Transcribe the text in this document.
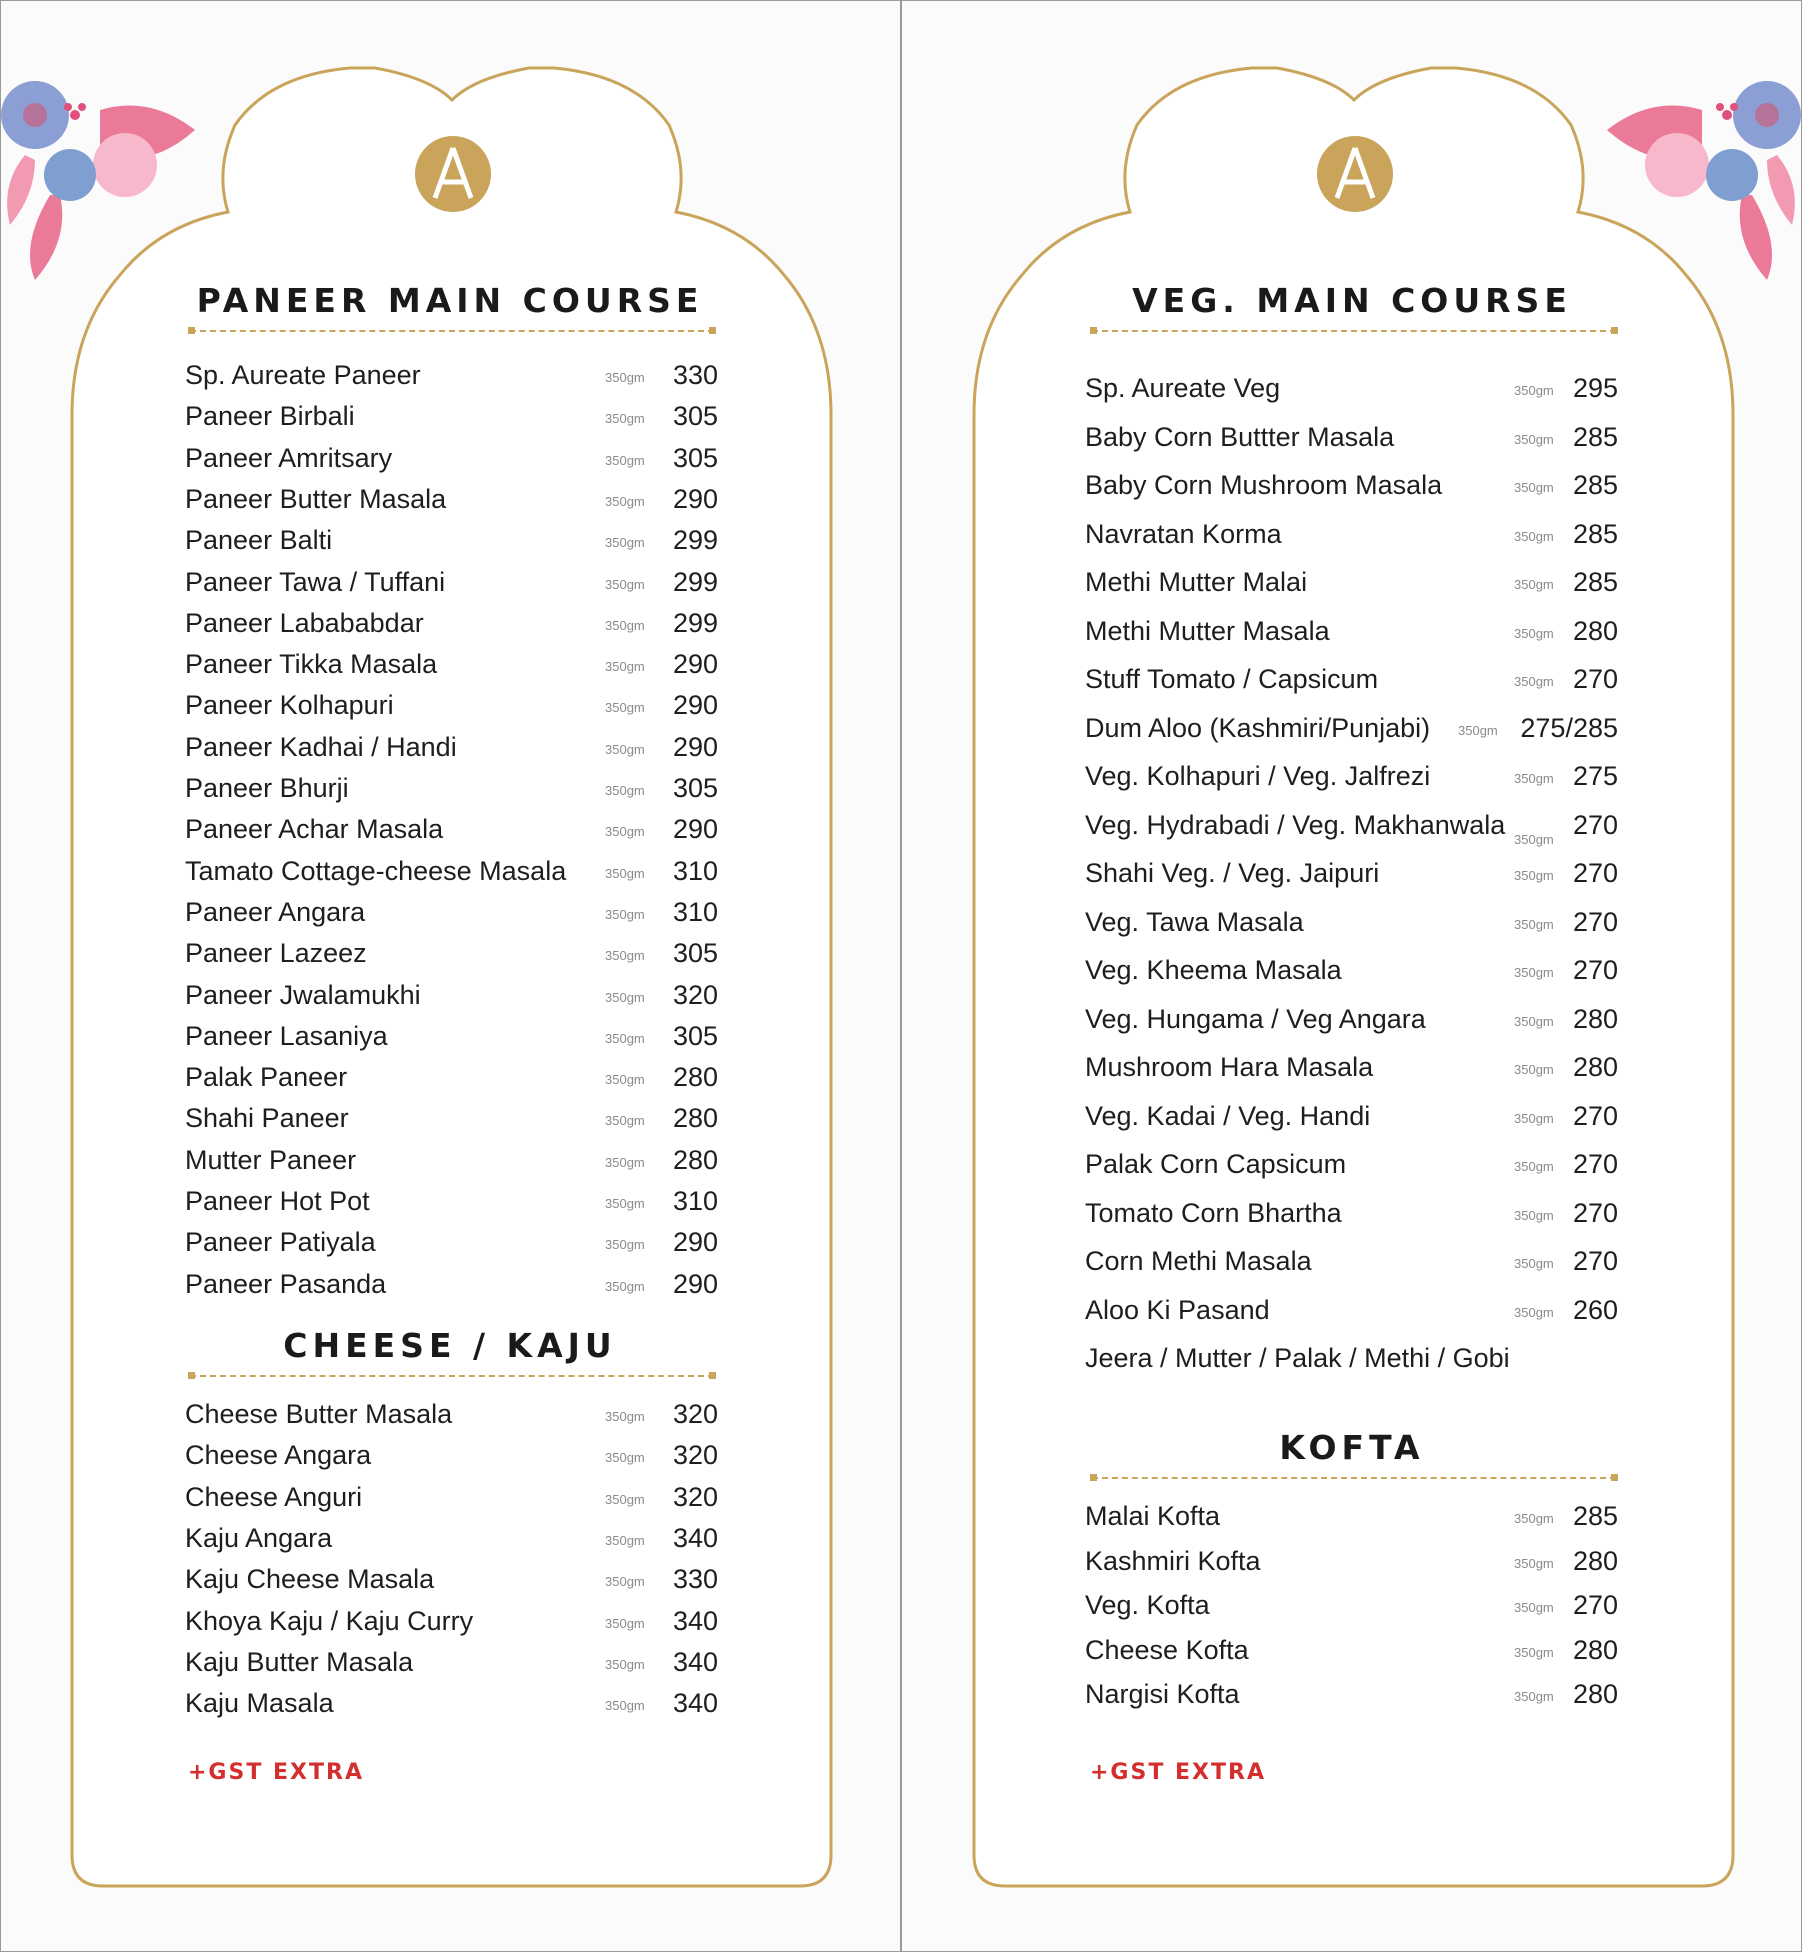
PANEER MAIN COURSE
Sp. Aureate Paneer	350gm 330
Paneer Birbali	350gm 305
Paneer Amritsary	350gm 305
Paneer Butter Masala	350gm 290
Paneer Balti	350gm 299
Paneer Tawa / Tuffani	350gm 299
Paneer Labababdar	350gm 299
Paneer Tikka Masala	350gm 290
Paneer Kolhapuri	350gm 290
Paneer Kadhai / Handi	350gm 290
Paneer Bhurji	350gm 305
Paneer Achar Masala	350gm 290
Tamato Cottage-cheese Masala	350gm 310
Paneer Angara	350gm 310
Paneer Lazeez	350gm 305
Paneer Jwalamukhi	350gm 320
Paneer Lasaniya	350gm 305
Palak Paneer	350gm 280
Shahi Paneer	350gm 280
Mutter Paneer	350gm 280
Paneer Hot Pot	350gm 310
Paneer Patiyala	350gm 290
Paneer Pasanda	350gm 290
CHEESE / KAJU
Cheese Butter Masala	350gm 320
Cheese Angara	350gm 320
Cheese Anguri	350gm 320
Kaju Angara	350gm 340
Kaju Cheese Masala	350gm 330
Khoya Kaju / Kaju Curry	350gm 340
Kaju Butter Masala	350gm 340
Kaju Masala	350gm 340
+GST EXTRA
VEG. MAIN COURSE
Sp. Aureate Veg	350gm 295
Baby Corn Buttter Masala	350gm 285
Baby Corn Mushroom Masala	350gm 285
Navratan Korma	350gm 285
Methi Mutter Malai	350gm 285
Methi Mutter Masala	350gm 280
Stuff Tomato / Capsicum	350gm 270
Dum Aloo (Kashmiri/Punjabi) 350gm 275/285
Veg. Kolhapuri / Veg. Jalfrezi	350gm 275
Veg. Hydrabadi / Veg. Makhanwala 350gm 270
Shahi Veg. / Veg. Jaipuri	350gm 270
Veg. Tawa Masala	350gm 270
Veg. Kheema Masala	350gm 270
Veg. Hungama / Veg Angara	350gm 280
Mushroom Hara Masala	350gm 280
Veg. Kadai / Veg. Handi	350gm 270
Palak Corn Capsicum	350gm 270
Tomato Corn Bhartha	350gm 270
Corn Methi Masala	350gm 270
Aloo Ki Pasand	350gm 260
Jeera / Mutter / Palak / Methi / Gobi
KOFTA
Malai Kofta	350gm 285
Kashmiri Kofta	350gm 280
Veg. Kofta	350gm 270
Cheese Kofta	350gm 280
Nargisi Kofta	350gm 280
+GST EXTRA
